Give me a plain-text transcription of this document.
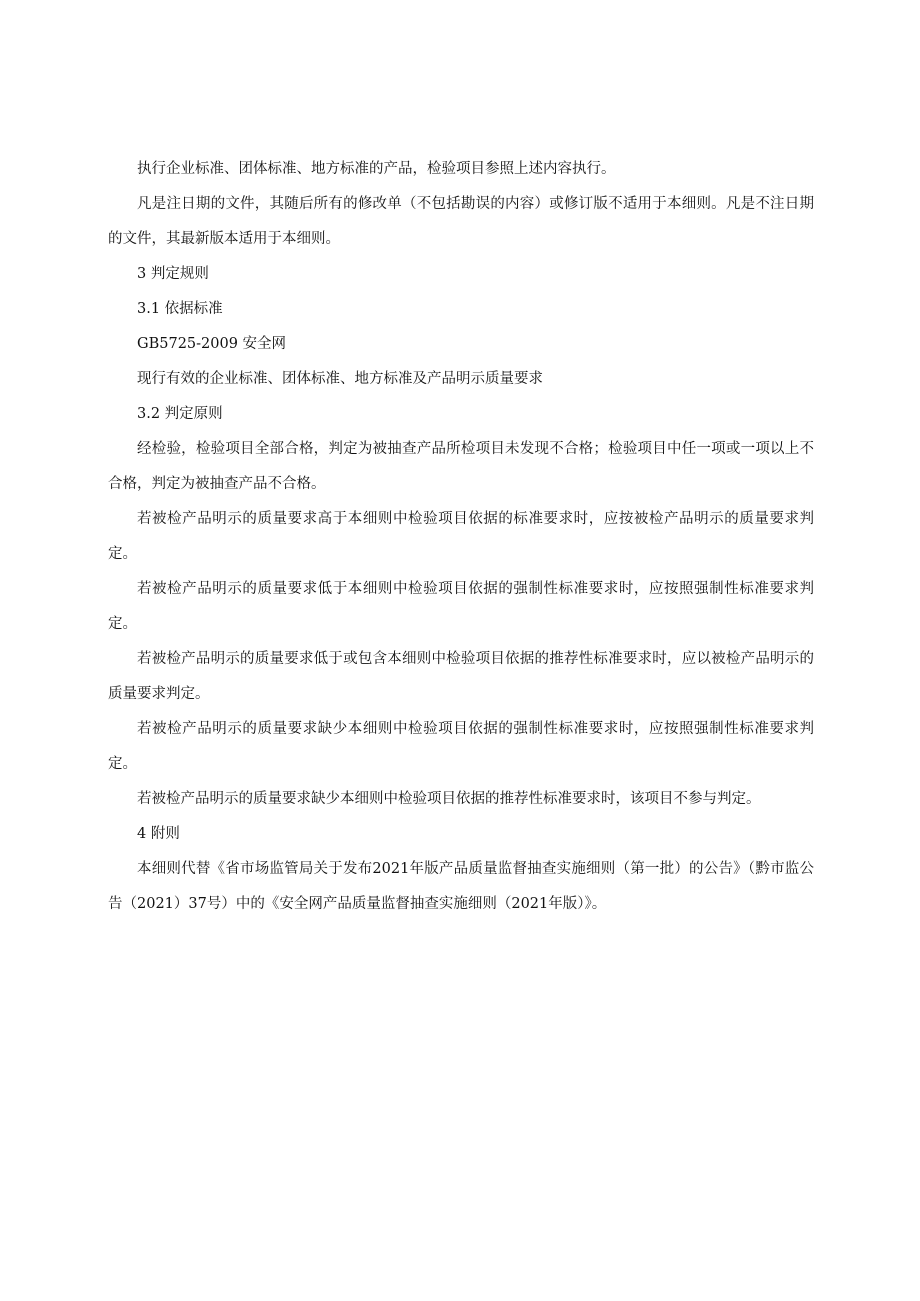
执行企业标准、团体标准、地方标准的产品，检验项目参照上述内容执行。

凡是注日期的文件，其随后所有的修改单（不包括勘误的内容）或修订版不适用于本细则。凡是不注日期的文件，其最新版本适用于本细则。

3 判定规则

3.1 依据标准

GB5725-2009 安全网

现行有效的企业标准、团体标准、地方标准及产品明示质量要求

3.2 判定原则

经检验，检验项目全部合格，判定为被抽查产品所检项目未发现不合格；检验项目中任一项或一项以上不合格，判定为被抽查产品不合格。

若被检产品明示的质量要求高于本细则中检验项目依据的标准要求时，应按被检产品明示的质量要求判定。

若被检产品明示的质量要求低于本细则中检验项目依据的强制性标准要求时，应按照强制性标准要求判定。

若被检产品明示的质量要求低于或包含本细则中检验项目依据的推荐性标准要求时，应以被检产品明示的质量要求判定。

若被检产品明示的质量要求缺少本细则中检验项目依据的强制性标准要求时，应按照强制性标准要求判定。

若被检产品明示的质量要求缺少本细则中检验项目依据的推荐性标准要求时，该项目不参与判定。

4 附则

本细则代替《省市场监管局关于发布2021年版产品质量监督抽查实施细则（第一批）的公告》（黔市监公告（2021）37号）中的《安全网产品质量监督抽查实施细则（2021年版）》。
